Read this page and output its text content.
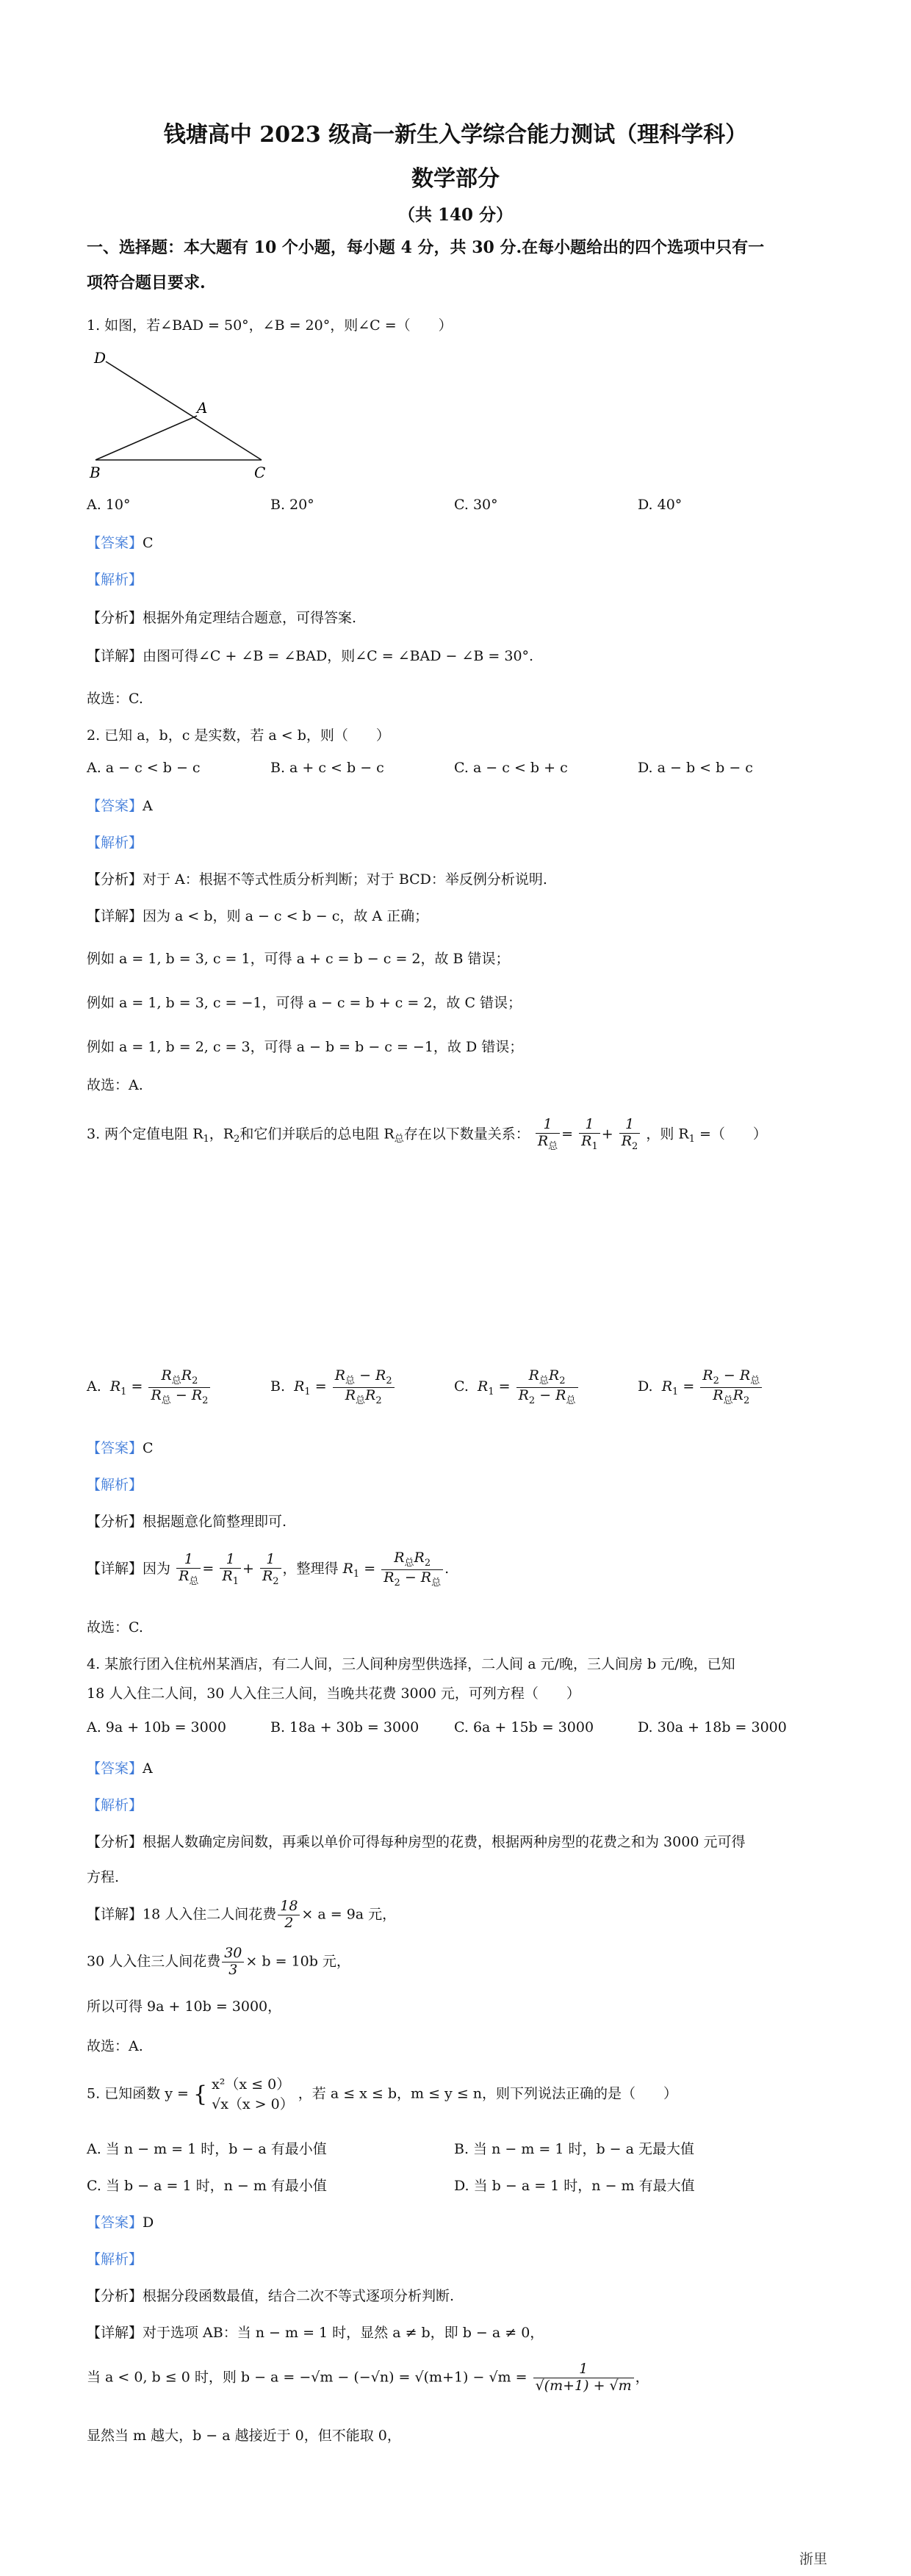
钱塘高中 2023 级高一新生入学综合能力测试（理科学科）
数学部分
（共 140 分）
一、选择题：本大题有 10 个小题，每小题 4 分，共 30 分.在每小题给出的四个选项中只有一
项符合题目要求.
1. 如图，若∠BAD = 50°，∠B = 20°，则∠C =（　　）
D
A
B	C
A. 10°	B. 20°	C. 30°	D. 40°
【答案】C
【解析】
【分析】根据外角定理结合题意，可得答案.
【详解】由图可得∠C + ∠B = ∠BAD，则∠C = ∠BAD − ∠B = 30°.
故选：C.
2. 已知 a，b，c 是实数，若 a < b，则（　　）
A. a − c < b − c	B. a + c < b − c	C. a − c < b + c	D. a − b < b − c
【答案】A
【解析】
【分析】对于 A：根据不等式性质分析判断；对于 BCD：举反例分析说明.
【详解】因为 a < b，则 a − c < b − c，故 A 正确；
例如 a = 1, b = 3, c = 1，可得 a + c = b − c = 2，故 B 错误；
例如 a = 1, b = 3, c = −1，可得 a − c = b + c = 2，故 C 错误；
例如 a = 1, b = 2, c = 3，可得 a − b = b − c = −1，故 D 错误；
故选：A.
3. 两个定值电阻 $R_1$，$R_2$和它们并联后的总电阻 $R_总$存在以下数量关系： $\frac{1}{R_总} = \frac{1}{R_1} + \frac{1}{R_2}$ ，则 $R_1$ =（　　）
A. $R_1 = \frac{R_总R_2}{R_总 - R_2}$	B. $R_1 = \frac{R_总 - R_2}{R_总R_2}$	C. $R_1 = \frac{R_总R_2}{R_2 - R_总}$	D. $R_1 = \frac{R_2 - R_总}{R_总R_2}$
【答案】C
【解析】
【分析】根据题意化简整理即可.
【详解】因为 $\frac{1}{R_总} = \frac{1}{R_1} + \frac{1}{R_2}$ ，整理得 $R_1 = \frac{R_总R_2}{R_2 - R_总}$ .
故选：C.
4. 某旅行团入住杭州某酒店，有二人间，三人间种房型供选择，二人间 a 元/晚，三人间房 b 元/晚，已知
18 人入住二人间，30 人入住三人间，当晚共花费 3000 元，可列方程（　　）
A. 9a + 10b = 3000	B. 18a + 30b = 3000	C. 6a + 15b = 3000	D. 30a + 18b = 3000
【答案】A
【解析】
【分析】根据人数确定房间数，再乘以单价可得每种房型的花费，根据两种房型的花费之和为 3000 元可得
方程.
【详解】18 人入住二人间花费 $\frac{18}{2} \times a = 9a$ 元，
30 人入住三人间花费 $\frac{30}{3} \times b = 10b$ 元，
所以可得 9a + 10b = 3000，
故选：A.
5. 已知函数 y = { x²（x ≤ 0）
√x（x > 0）
，若 a ≤ x ≤ b，m ≤ y ≤ n，则下列说法正确的是（　　）
A. 当 n − m = 1 时，b − a 有最小值	B. 当 n − m = 1 时，b − a 无最大值
C. 当 b − a = 1 时，n − m 有最小值	D. 当 b − a = 1 时，n − m 有最大值
【答案】D
【解析】
【分析】根据分段函数最值，结合二次不等式逐项分析判断.
【详解】对于选项 AB：当 n − m = 1 时，显然 a ≠ b，即 b − a ≠ 0，
当 a < 0, b ≤ 0 时，则 $b - a = -√m - (-√n) = √(m+1) - √m = \frac{1}{√(m+1) + √m}$ ，
显然当 m 越大，b − a 越接近于 0，但不能取 0，
浙里
